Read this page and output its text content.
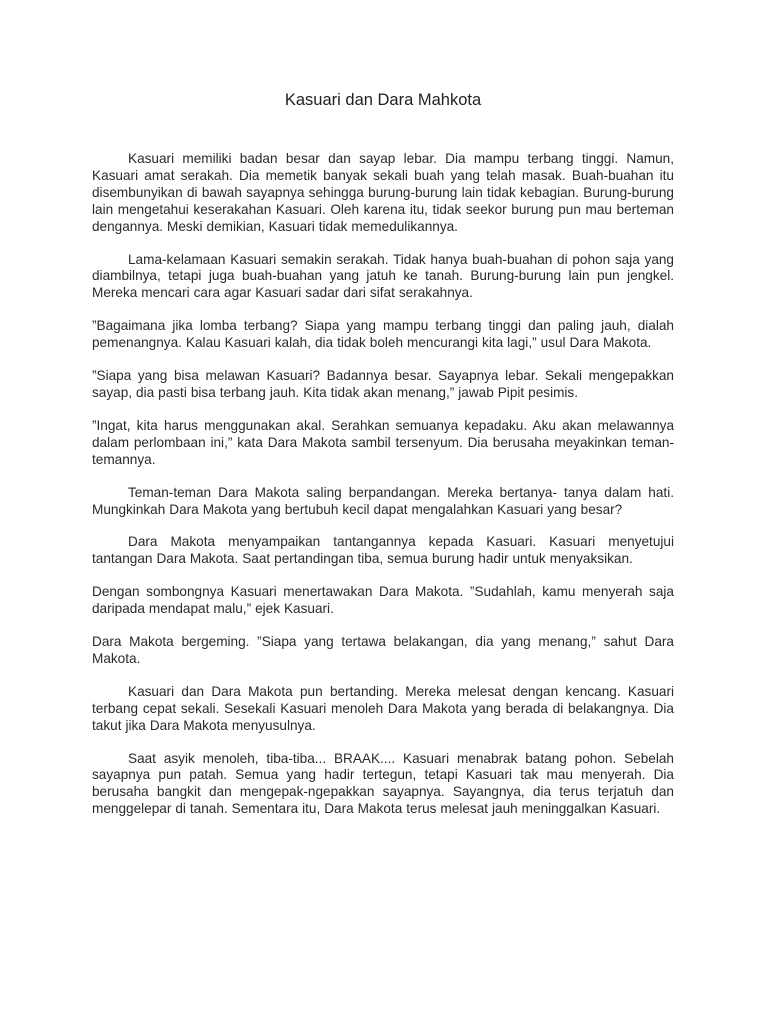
Kasuari dan Dara Mahkota

Kasuari memiliki badan besar dan sayap lebar. Dia mampu terbang tinggi. Namun, Kasuari amat serakah. Dia memetik banyak sekali buah yang telah masak. Buah-buahan itu disembunyikan di bawah sayapnya sehingga burung-burung lain tidak kebagian. Burung-burung lain mengetahui keserakahan Kasuari. Oleh karena itu, tidak seekor burung pun mau berteman dengannya. Meski demikian, Kasuari tidak memedulikannya.

Lama-kelamaan Kasuari semakin serakah. Tidak hanya buah-buahan di pohon saja yang diambilnya, tetapi juga buah-buahan yang jatuh ke tanah. Burung-burung lain pun jengkel. Mereka mencari cara agar Kasuari sadar dari sifat serakahnya.

”Bagaimana jika lomba terbang? Siapa yang mampu terbang tinggi dan paling jauh, dialah pemenangnya. Kalau Kasuari kalah, dia tidak boleh mencurangi kita lagi,” usul Dara Makota.

”Siapa yang bisa melawan Kasuari? Badannya besar. Sayapnya lebar. Sekali mengepakkan sayap, dia pasti bisa terbang jauh. Kita tidak akan menang,” jawab Pipit pesimis.

”Ingat, kita harus menggunakan akal. Serahkan semuanya kepadaku. Aku akan melawannya dalam perlombaan ini,” kata Dara Makota sambil tersenyum. Dia berusaha meyakinkan teman-temannya.

Teman-teman Dara Makota saling berpandangan. Mereka bertanya- tanya dalam hati. Mungkinkah Dara Makota yang bertubuh kecil dapat mengalahkan Kasuari yang besar?

Dara Makota menyampaikan tantangannya kepada Kasuari. Kasuari menyetujui tantangan Dara Makota. Saat pertandingan tiba, semua burung hadir untuk menyaksikan.

Dengan sombongnya Kasuari menertawakan Dara Makota. ”Sudahlah, kamu menyerah saja daripada mendapat malu,” ejek Kasuari.

Dara Makota bergeming. ”Siapa yang tertawa belakangan, dia yang menang,” sahut Dara Makota.

Kasuari dan Dara Makota pun bertanding. Mereka melesat dengan kencang. Kasuari terbang cepat sekali. Sesekali Kasuari menoleh Dara Makota yang berada di belakangnya. Dia takut jika Dara Makota menyusulnya.

Saat asyik menoleh, tiba-tiba... BRAAK.... Kasuari menabrak batang pohon. Sebelah sayapnya pun patah. Semua yang hadir tertegun, tetapi Kasuari tak mau menyerah. Dia berusaha bangkit dan mengepak-ngepakkan sayapnya. Sayangnya, dia terus terjatuh dan menggelepar di tanah. Sementara itu, Dara Makota terus melesat jauh meninggalkan Kasuari.
